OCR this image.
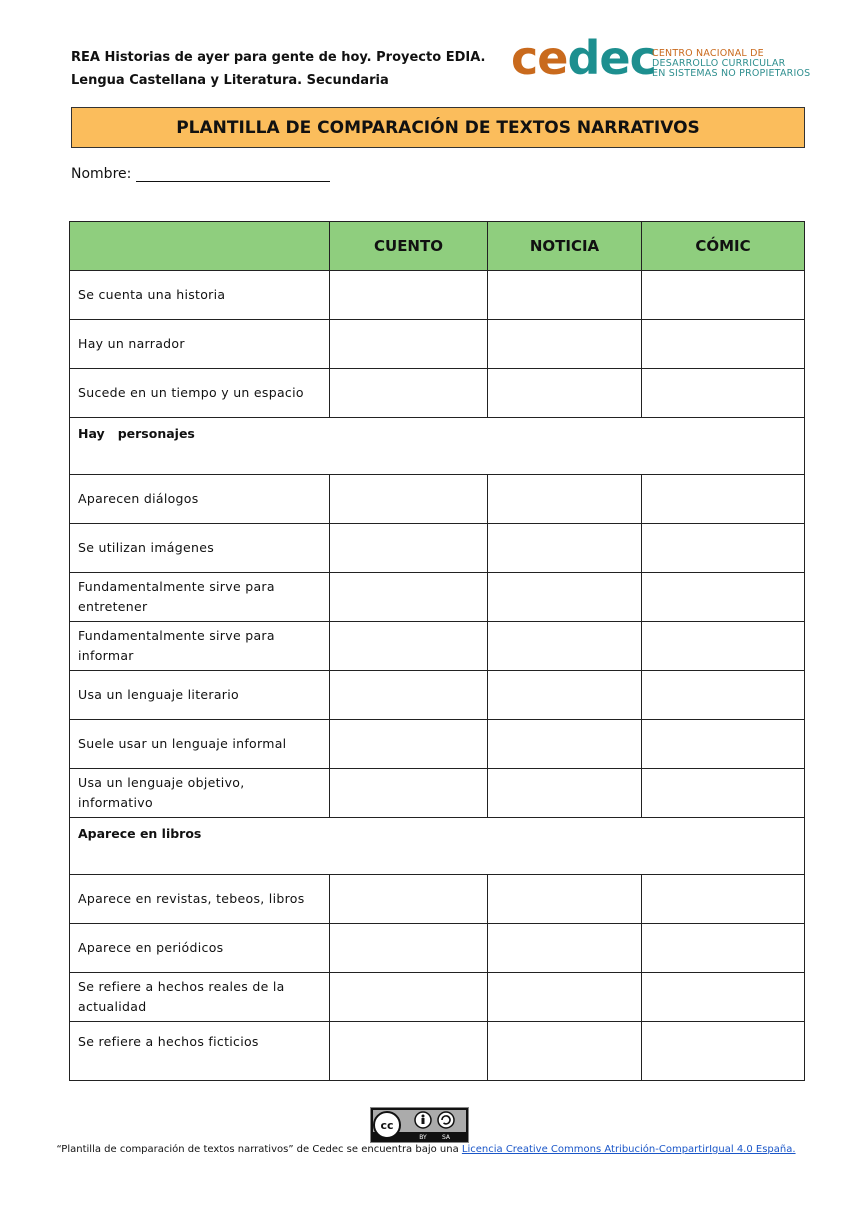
REA Historias de ayer para gente de hoy. Proyecto EDIA.
Lengua Castellana y Literatura. Secundaria	cedec
CENTRO NACIONAL DE
DESARROLLO CURRICULAR
EN SISTEMAS NO PROPIETARIOS
PLANTILLA DE COMPARACIÓN DE TEXTOS NARRATIVOS
Nombre:
	CUENTO	NOTICIA	CÓMIC
Se cuenta una historia			
Hay un narrador			
Sucede en un tiempo y un espacio			
Hay   personajes			
Aparecen diálogos			
Se utilizan imágenes			
Fundamentalmente sirve para entretener			
Fundamentalmente sirve para informar			
Usa un lenguaje literario			
Suele usar un lenguaje informal			
Usa un lenguaje objetivo, informativo			
Aparece en libros			
Aparece en revistas, tebeos, libros			
Aparece en periódicos			
Se refiere a hechos reales de la actualidad			
Se refiere a hechos ficticios			
cc
BY	SA
“Plantilla de comparación de textos narrativos” de Cedec se encuentra bajo una Licencia Creative Commons Atribución-CompartirIgual 4.0 España.
